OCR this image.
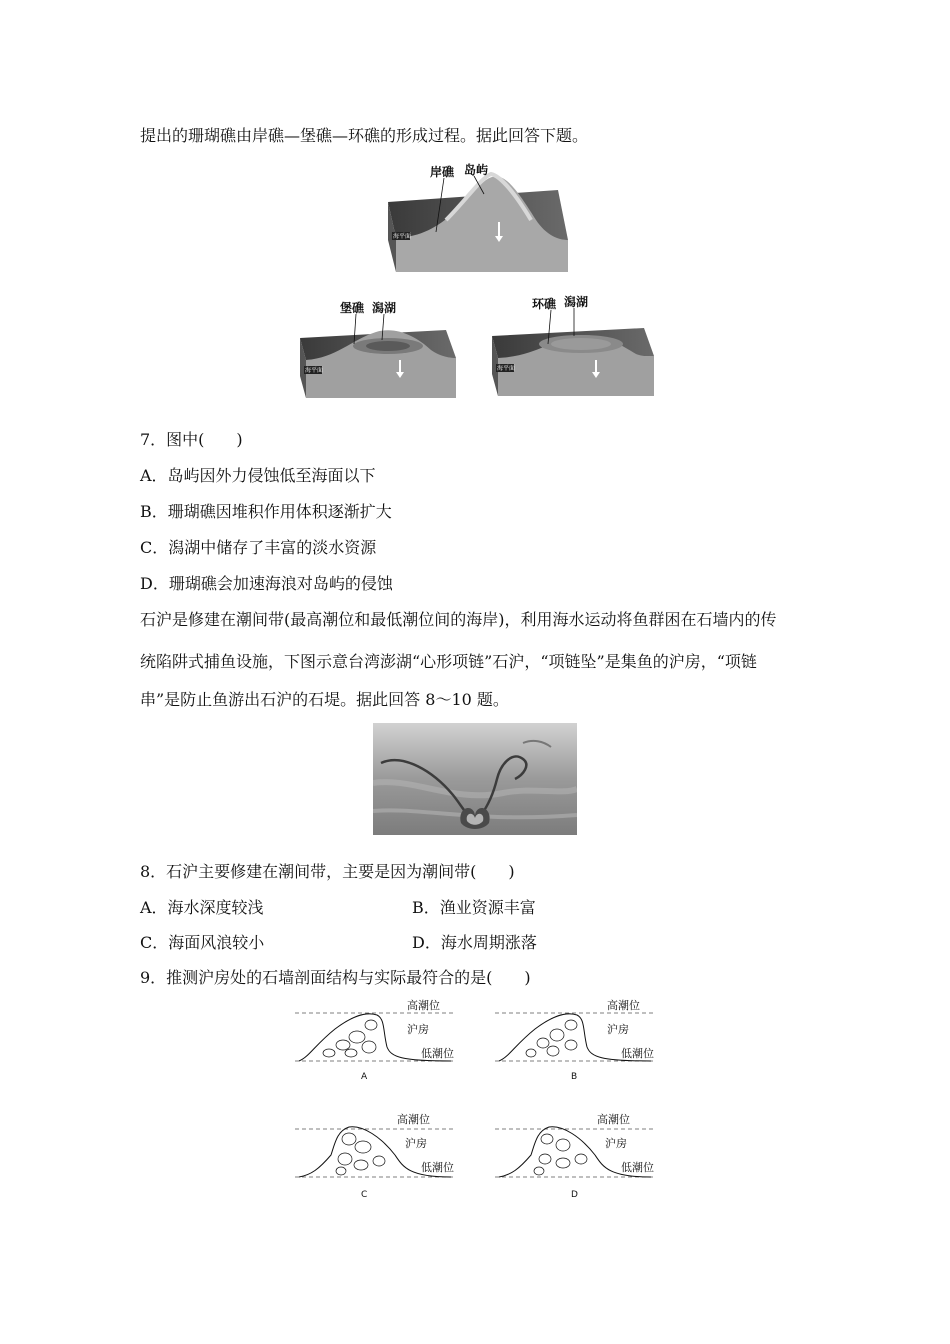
提出的珊瑚礁由岸礁—堡礁—环礁的形成过程。据此回答下题。
海平面
岸礁 岛屿
海平面
堡礁 潟湖
海平面
环礁 潟湖
7．图中(　　)
A．岛屿因外力侵蚀低至海面以下
B．珊瑚礁因堆积作用体积逐渐扩大
C．潟湖中储存了丰富的淡水资源
D．珊瑚礁会加速海浪对岛屿的侵蚀
石沪是修建在潮间带(最高潮位和最低潮位间的海岸)，利用海水运动将鱼群困在石墙内的传
统陷阱式捕鱼设施，下图示意台湾澎湖“心形项链”石沪，“项链坠”是集鱼的沪房，“项链
串”是防止鱼游出石沪的石堤。据此回答 8～10 题。
8．石沪主要修建在潮间带，主要是因为潮间带(　　)
A．海水深度较浅	B．渔业资源丰富
C．海面风浪较小	D．海水周期涨落
9．推测沪房处的石墙剖面结构与实际最符合的是(　　)
高潮位
沪房
低潮位
A
高潮位
沪房
低潮位
B
高潮位
沪房
低潮位
C
高潮位
沪房
低潮位
D
